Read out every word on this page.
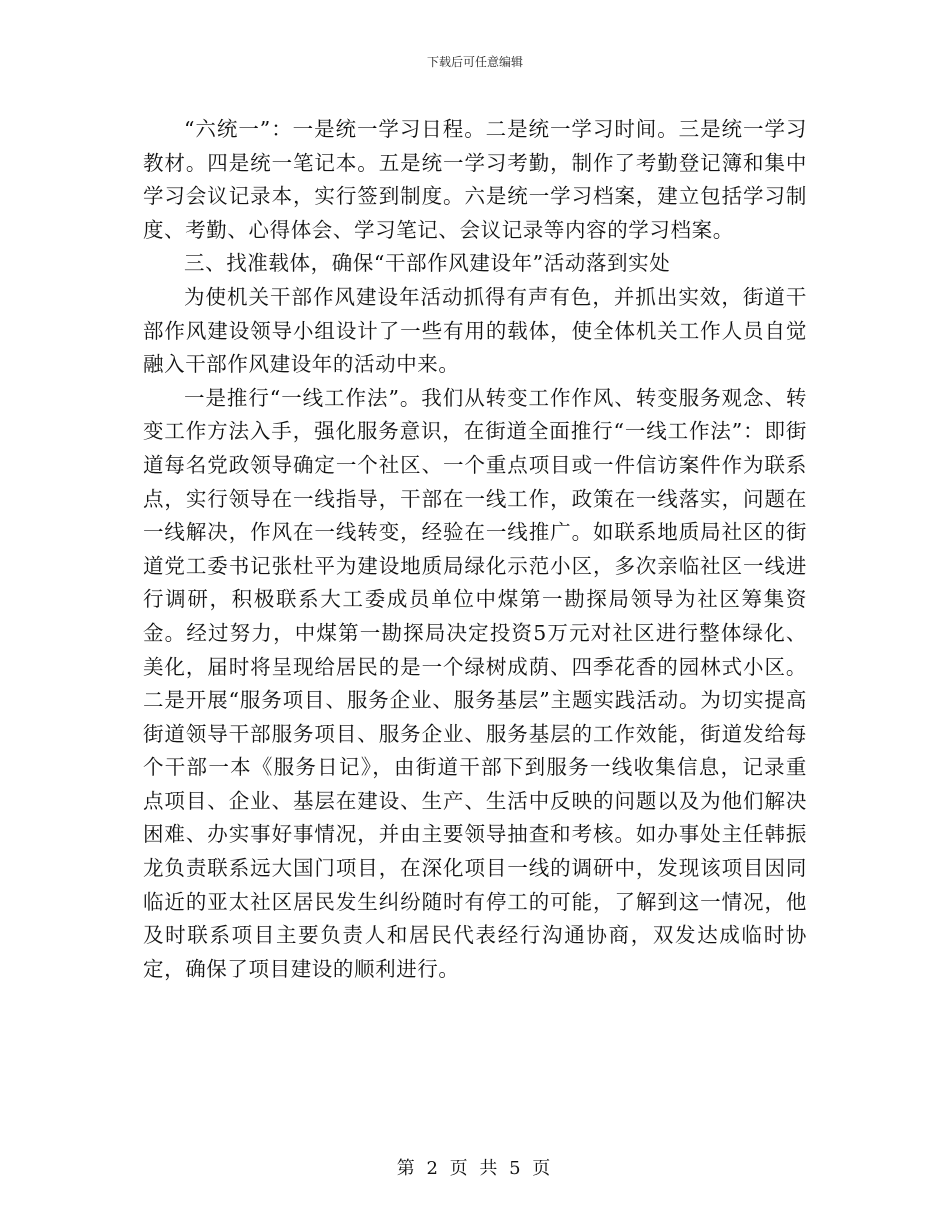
下载后可任意编辑

“六统一”：一是统一学习日程。二是统一学习时间。三是统一学习教材。四是统一笔记本。五是统一学习考勤，制作了考勤登记簿和集中学习会议记录本，实行签到制度。六是统一学习档案，建立包括学习制度、考勤、心得体会、学习笔记、会议记录等内容的学习档案。

三、找准载体，确保“干部作风建设年”活动落到实处

为使机关干部作风建设年活动抓得有声有色，并抓出实效，街道干部作风建设领导小组设计了一些有用的载体，使全体机关工作人员自觉融入干部作风建设年的活动中来。

一是推行“一线工作法”。我们从转变工作作风、转变服务观念、转变工作方法入手，强化服务意识，在街道全面推行“一线工作法”：即街道每名党政领导确定一个社区、一个重点项目或一件信访案件作为联系点，实行领导在一线指导，干部在一线工作，政策在一线落实，问题在一线解决，作风在一线转变，经验在一线推广。如联系地质局社区的街道党工委书记张杜平为建设地质局绿化示范小区，多次亲临社区一线进行调研，积极联系大工委成员单位中煤第一勘探局领导为社区筹集资金。经过努力，中煤第一勘探局决定投资5万元对社区进行整体绿化、美化，届时将呈现给居民的是一个绿树成荫、四季花香的园林式小区。二是开展“服务项目、服务企业、服务基层”主题实践活动。为切实提高街道领导干部服务项目、服务企业、服务基层的工作效能，街道发给每个干部一本《服务日记》，由街道干部下到服务一线收集信息，记录重点项目、企业、基层在建设、生产、生活中反映的问题以及为他们解决困难、办实事好事情况，并由主要领导抽查和考核。如办事处主任韩振龙负责联系远大国门项目，在深化项目一线的调研中，发现该项目因同临近的亚太社区居民发生纠纷随时有停工的可能，了解到这一情况，他及时联系项目主要负责人和居民代表经行沟通协商，双发达成临时协定，确保了项目建设的顺利进行。

第 2 页 共 5 页
